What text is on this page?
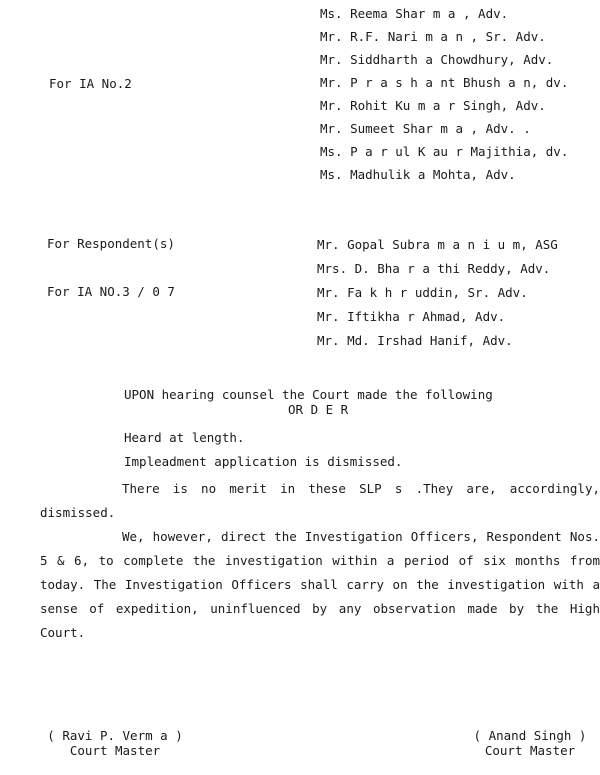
For IA No.2
Ms. Reema Shar m a , Adv.
Mr. R.F. Nari m a n , Sr. Adv.
Mr. Siddharth a Chowdhury, Adv.
Mr. P r a s h a nt Bhush a n, dv.
Mr. Rohit Ku m a r Singh, Adv.
Mr. Sumeet Shar m a , Adv. .
Ms. P a r ul K au r Majithia, dv.
Ms. Madhulik a Mohta, Adv.
For Respondent(s)
For IA NO.3 / 0 7
Mr. Gopal Subra m a n i u m, ASG
Mrs. D. Bha r a thi Reddy, Adv.
Mr. Fa k h r uddin, Sr. Adv.
Mr. Iftikha r Ahmad, Adv.
Mr. Md. Irshad Hanif, Adv.
UPON hearing counsel the Court made the following
OR D E R
Heard at length.
Impleadment application is dismissed.
There is no merit in these SLP s .They are, accordingly, dismissed.
We, however, direct the Investigation Officers, Respondent Nos. 5 & 6, to complete the investigation within a period of six months from today. The Investigation Officers shall carry on the investigation with a sense of expedition, uninfluenced by any observation made by the High Court.
( Ravi P. Verm a )
Court Master
( Anand Singh )
Court Master
